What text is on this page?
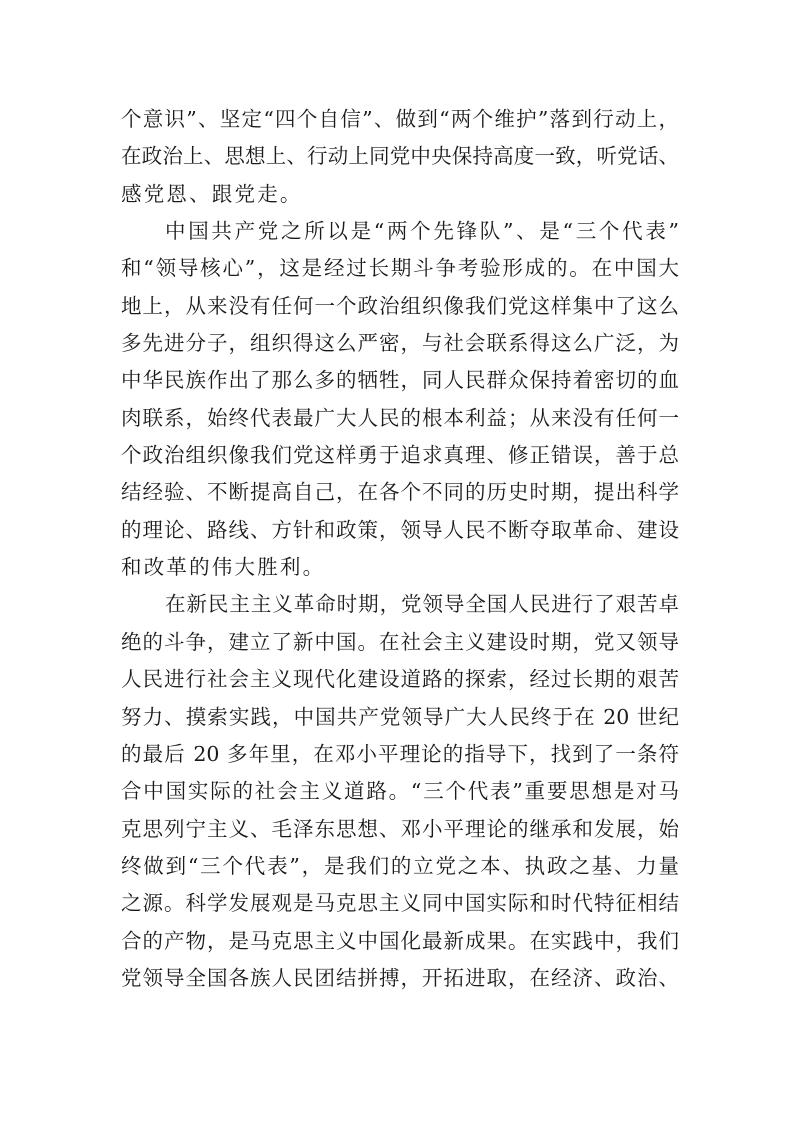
个意识”、坚定“四个自信”、做到“两个维护”落到行动上，
在政治上、思想上、行动上同党中央保持高度一致，听党话、
感党恩、跟党走。
中国共产党之所以是“两个先锋队”、是“三个代表”
和“领导核心”，这是经过长期斗争考验形成的。在中国大
地上，从来没有任何一个政治组织像我们党这样集中了这么
多先进分子，组织得这么严密，与社会联系得这么广泛，为
中华民族作出了那么多的牺牲，同人民群众保持着密切的血
肉联系，始终代表最广大人民的根本利益；从来没有任何一
个政治组织像我们党这样勇于追求真理、修正错误，善于总
结经验、不断提高自己，在各个不同的历史时期，提出科学
的理论、路线、方针和政策，领导人民不断夺取革命、建设
和改革的伟大胜利。
在新民主主义革命时期，党领导全国人民进行了艰苦卓
绝的斗争，建立了新中国。在社会主义建设时期，党又领导
人民进行社会主义现代化建设道路的探索，经过长期的艰苦
努力、摸索实践，中国共产党领导广大人民终于在 20 世纪
的最后 20 多年里，在邓小平理论的指导下，找到了一条符
合中国实际的社会主义道路。“三个代表”重要思想是对马
克思列宁主义、毛泽东思想、邓小平理论的继承和发展，始
终做到“三个代表”，是我们的立党之本、执政之基、力量
之源。科学发展观是马克思主义同中国实际和时代特征相结
合的产物，是马克思主义中国化最新成果。在实践中，我们
党领导全国各族人民团结拼搏，开拓进取，在经济、政治、
